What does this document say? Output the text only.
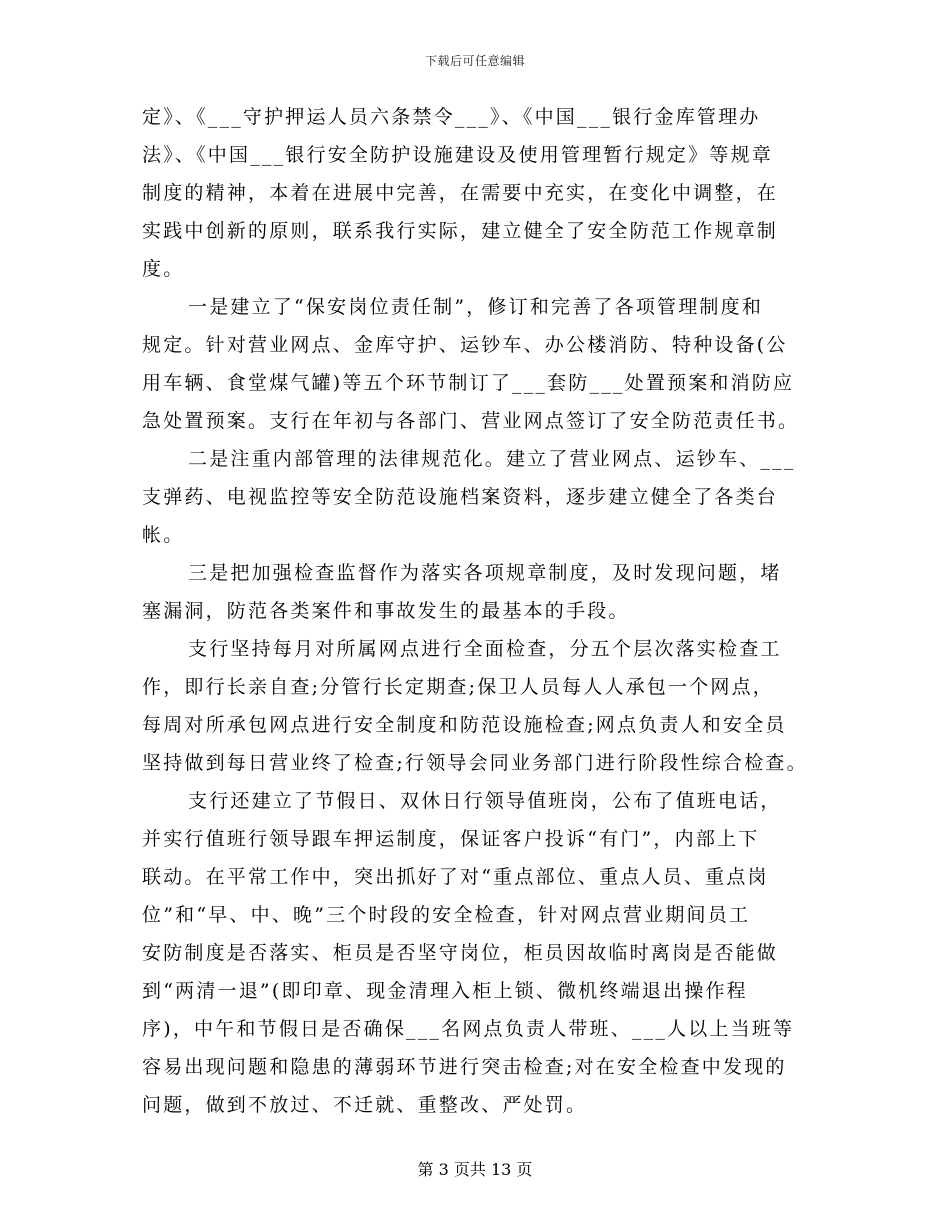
下载后可任意编辑
定》、《___守护押运人员六条禁令___》、《中国___银行金库管理办
法》、《中国___银行安全防护设施建设及使用管理暂行规定》等规章
制度的精神，本着在进展中完善，在需要中充实，在变化中调整，在
实践中创新的原则，联系我行实际，建立健全了安全防范工作规章制
度。
一是建立了“保安岗位责任制”，修订和完善了各项管理制度和
规定。针对营业网点、金库守护、运钞车、办公楼消防、特种设备(公
用车辆、食堂煤气罐)等五个环节制订了___套防___处置预案和消防应
急处置预案。支行在年初与各部门、营业网点签订了安全防范责任书。
二是注重内部管理的法律规范化。建立了营业网点、运钞车、___
支弹药、电视监控等安全防范设施档案资料，逐步建立健全了各类台
帐。
三是把加强检查监督作为落实各项规章制度，及时发现问题，堵
塞漏洞，防范各类案件和事故发生的最基本的手段。
支行坚持每月对所属网点进行全面检查，分五个层次落实检查工
作，即行长亲自查;分管行长定期查;保卫人员每人人承包一个网点，
每周对所承包网点进行安全制度和防范设施检查;网点负责人和安全员
坚持做到每日营业终了检查;行领导会同业务部门进行阶段性综合检查。
支行还建立了节假日、双休日行领导值班岗，公布了值班电话，
并实行值班行领导跟车押运制度，保证客户投诉“有门”，内部上下
联动。在平常工作中，突出抓好了对“重点部位、重点人员、重点岗
位”和“早、中、晚”三个时段的安全检查，针对网点营业期间员工
安防制度是否落实、柜员是否坚守岗位，柜员因故临时离岗是否能做
到“两清一退”(即印章、现金清理入柜上锁、微机终端退出操作程
序)，中午和节假日是否确保___名网点负责人带班、___人以上当班等
容易出现问题和隐患的薄弱环节进行突击检查;对在安全检查中发现的
问题，做到不放过、不迁就、重整改、严处罚。
第 3 页共 13 页
